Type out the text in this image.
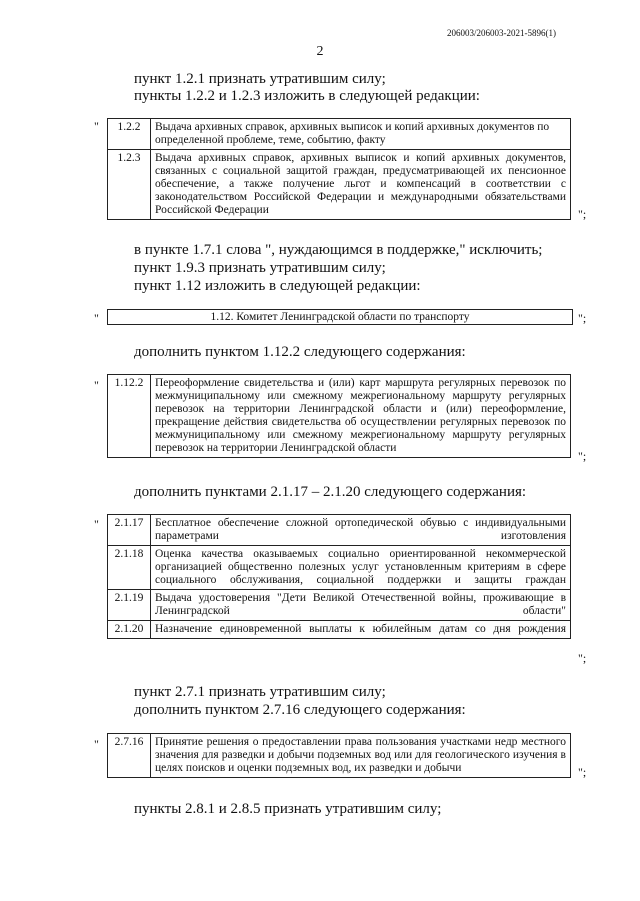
206003/206003-2021-5896(1)
2
пункт 1.2.1 признать утратившим силу;
пункты 1.2.2 и 1.2.3 изложить в следующей редакции:
" 1.2.2	Выдача архивных справок, архивных выписок и копий архивных документов по определенной проблеме, теме, событию, факту
1.2.3	Выдача архивных справок, архивных выписок и копий архивных документов, связанных с социальной защитой граждан, предусматривающей их пенсионное обеспечение, а также получение льгот и компенсаций в соответствии с законодательством Российской Федерации и международными обязательствами Российской Федерации	";
в пункте 1.7.1 слова ", нуждающимся в поддержке," исключить;
пункт 1.9.3 признать утратившим силу;
пункт 1.12 изложить в следующей редакции:
"	1.12. Комитет Ленинградской области по транспорту	";
дополнить пунктом 1.12.2 следующего содержания:
" 1.12.2	Переоформление свидетельства и (или) карт маршрута регулярных перевозок по межмуниципальному или смежному межрегиональному маршруту регулярных перевозок на территории Ленинградской области и (или) переоформление, прекращение действия свидетельства об осуществлении регулярных перевозок по межмуниципальному или смежному межрегиональному маршруту регулярных перевозок на территории Ленинградской области
";
дополнить пунктами 2.1.17 – 2.1.20 следующего содержания:
" 2.1.17	Бесплатное обеспечение сложной ортопедической обувью с индивидуальными параметрами изготовления
2.1.18	Оценка качества оказываемых социально ориентированной некоммерческой организацией общественно полезных услуг установленным критериям в сфере социального обслуживания, социальной поддержки и защиты граждан
2.1.19	Выдача удостоверения "Дети Великой Отечественной войны, проживающие в Ленинградской области"
2.1.20	Назначение единовременной выплаты к юбилейным датам со дня рождения
";
пункт 2.7.1 признать утратившим силу;
дополнить пунктом 2.7.16 следующего содержания:
" 2.7.16	Принятие решения о предоставлении права пользования участками недр местного значения для разведки и добычи подземных вод или для геологического изучения в целях поисков и оценки подземных вод, их разведки и добычи	";
пункты 2.8.1 и 2.8.5 признать утратившим силу;
